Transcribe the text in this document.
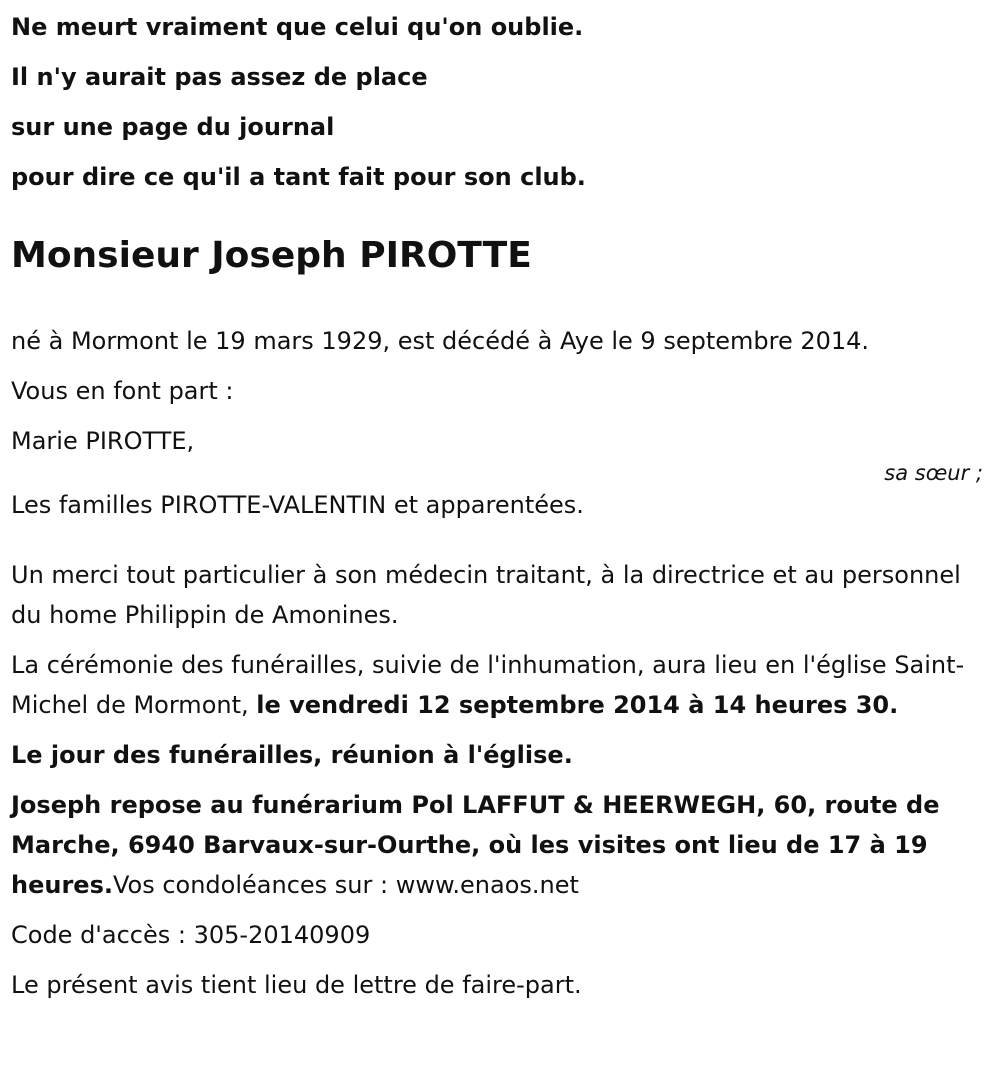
Ne meurt vraiment que celui qu'on oublie.

Il n'y aurait pas assez de place

sur une page du journal

pour dire ce qu'il a tant fait pour son club.

Monsieur Joseph PIROTTE

né à Mormont le 19 mars 1929, est décédé à Aye le 9 septembre 2014.

Vous en font part :

Marie PIROTTE,

sa sœur ;

Les familles PIROTTE-VALENTIN et apparentées.

Un merci tout particulier à son médecin traitant, à la directrice et au personnel du home Philippin de Amonines.

La cérémonie des funérailles, suivie de l'inhumation, aura lieu en l'église Saint-Michel de Mormont, le vendredi 12 septembre 2014 à 14 heures 30.

Le jour des funérailles, réunion à l'église.

Joseph repose au funérarium Pol LAFFUT & HEERWEGH, 60, route de Marche, 6940 Barvaux-sur-Ourthe, où les visites ont lieu de 17 à 19 heures.Vos condoléances sur : www.enaos.net

Code d'accès : 305-20140909

Le présent avis tient lieu de lettre de faire-part.
